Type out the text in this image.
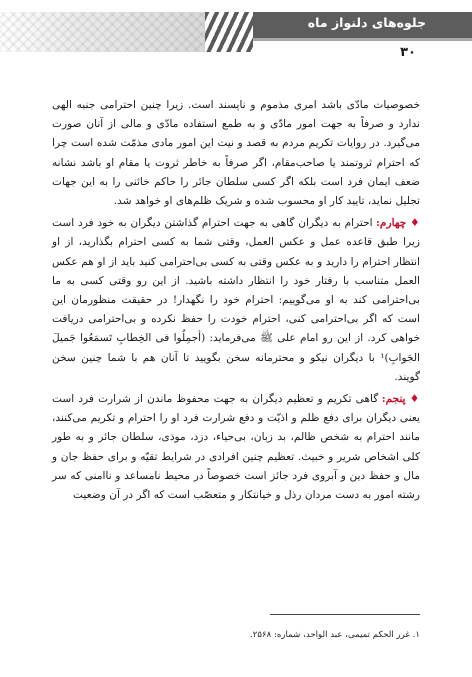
جلوه‌های دلنواز ماه
۳۰

خصوصیات مادّی باشد امری مذموم و ناپسند است. زیرا چنین احترامی جنبه الهی ندارد و صرفاً به جهت امور مادّی و به طمع استفاده مادّی و مالی از آنان صورت می‌گیرد. در روایات تکریم مردم به قصد و نیت این امور مادی مذمّت شده است چرا که احترام ثروتمند یا صاحب‌مقام، اگر صرفاً به خاطر ثروت یا مقام او باشد نشانه ضعف ایمان فرد است بلکه اگر کسی سلطان جائر را حاکم خائنی را به این جهات تجلیل نماید، تایید کار او محسوب شده و شریک ظلم‌های او خواهد شد.

♦ چهارم: احترام به دیگران گاهی به جهت احترام گذاشتن دیگران به خود فرد است زیرا طبق قاعده عمل و عکس العمل، وقتی شما به کسی احترام بگذارید، از او انتظار احترام را دارید و به عکس وقتی به کسی بی‌احترامی کنید باید از او هم عکس العمل متناسب با رفتار خود را انتظار داشته باشید. از این رو وقتی کسی به ما بی‌احترامی کند به او می‌گوییم: احترام خود را نگهدار! در حقیقت منظورمان این است که اگر بی‌احترامی کنی، احترام خودت را حفظ نکرده و بی‌احترامی دریافت خواهی کرد. از این رو امام علی ﷺ می‌فرماید: (أجمِلُوا فی الخِطابِ تَسمَعُوا جَمیلَ الجَوابِ)¹ با دیگران نیکو و محترمانه سخن بگویید تا آنان هم با شما چنین سخن گویند.

♦ پنجم: گاهی تکریم و تعظیم دیگران به جهت محفوظ ماندن از شرارت فرد است یعنی دیگران برای دفع ظلم و اذیّت و دفع شرارت فرد او را احترام و تکریم می‌کنند، مانند احترام به شخص ظالم، بد زبان، بی‌حیاء، دزد، موذی، سلطان جائر و به طور کلی اشخاص شریر و خبیث. تعظیم چنین افرادی در شرایط تقیّه و برای حفظ جان و مال و حفظ دین و آبروی فرد جائز است خصوصاً در محیط نامساعد و ناامنی که سر رشته امور به دست مردان رذل و خیانتکار و متعصّب است که اگر در آن وضعیت

۱. غرر الحکم تمیمی، عبد الواحد، شماره: ۲۵۶۸.
